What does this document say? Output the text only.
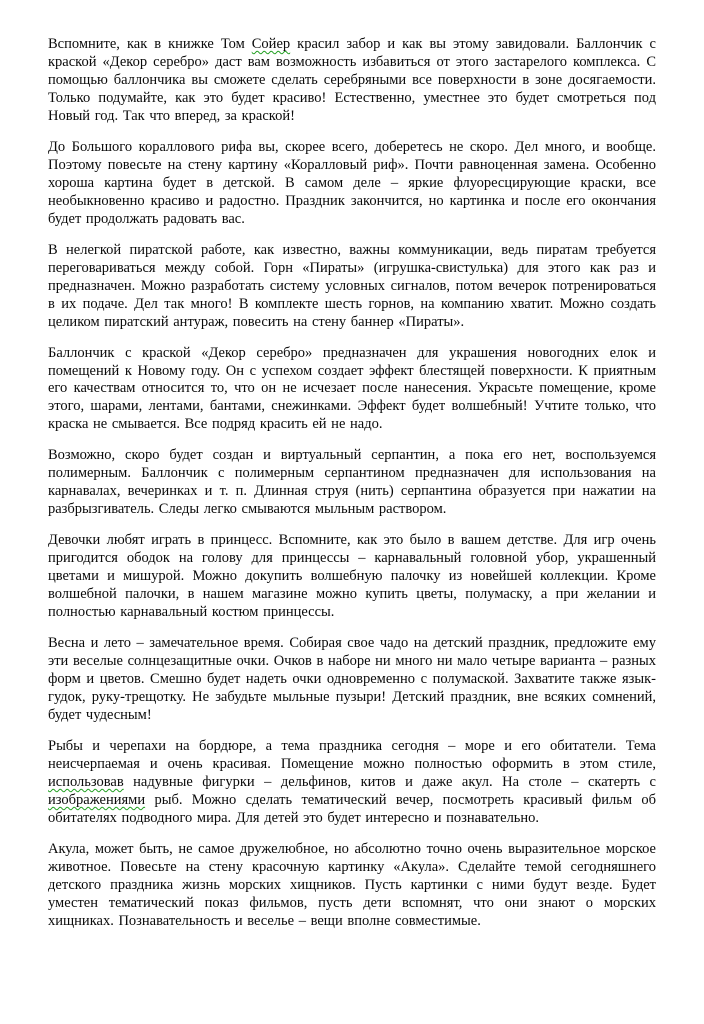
Вспомните, как в книжке Том Сойер красил забор и как вы этому завидовали. Баллончик с краской «Декор серебро» даст вам возможность избавиться от этого застарелого комплекса. С помощью баллончика вы сможете сделать серебряными все поверхности в зоне досягаемости. Только подумайте, как это будет красиво! Естественно, уместнее это будет смотреться под Новый год. Так что вперед, за краской!

До Большого кораллового рифа вы, скорее всего, доберетесь не скоро. Дел много, и вообще. Поэтому повесьте на стену картину «Коралловый риф». Почти равноценная замена. Особенно хороша картина будет в детской. В самом деле – яркие флуоресцирующие краски, все необыкновенно красиво и радостно. Праздник закончится, но картинка и после его окончания будет продолжать радовать вас.

В нелегкой пиратской работе, как известно, важны коммуникации, ведь пиратам требуется переговариваться между собой. Горн «Пираты» (игрушка-свистулька) для этого как раз и предназначен. Можно разработать систему условных сигналов, потом вечерок потренироваться в их подаче. Дел так много! В комплекте шесть горнов, на компанию хватит. Можно создать целиком пиратский антураж, повесить на стену баннер «Пираты».

Баллончик с краской «Декор серебро» предназначен для украшения новогодних елок и помещений к Новому году. Он с успехом создает эффект блестящей поверхности. К приятным его качествам относится то, что он не исчезает после нанесения. Украсьте помещение, кроме этого, шарами, лентами, бантами, снежинками. Эффект будет волшебный! Учтите только, что краска не смывается. Все подряд красить ей не надо.

Возможно, скоро будет создан и виртуальный серпантин, а пока его нет, воспользуемся полимерным. Баллончик с полимерным серпантином предназначен для использования на карнавалах, вечеринках и т. п. Длинная струя (нить) серпантина образуется при нажатии на разбрызгиватель. Следы легко смываются мыльным раствором.

Девочки любят играть в принцесс. Вспомните, как это было в вашем детстве. Для игр очень пригодится ободок на голову для принцессы – карнавальный головной убор, украшенный цветами и мишурой. Можно докупить волшебную палочку из новейшей коллекции. Кроме волшебной палочки, в нашем магазине можно купить цветы, полумаску, а при желании и полностью карнавальный костюм принцессы.

Весна и лето – замечательное время. Собирая свое чадо на детский праздник, предложите ему эти веселые солнцезащитные очки. Очков в наборе ни много ни мало четыре варианта – разных форм и цветов. Смешно будет надеть очки одновременно с полумаской. Захватите также язык-гудок, руку-трещотку. Не забудьте мыльные пузыри! Детский праздник, вне всяких сомнений, будет чудесным!

Рыбы и черепахи на бордюре, а тема праздника сегодня – море и его обитатели. Тема неисчерпаемая и очень красивая. Помещение можно полностью оформить в этом стиле, использовав надувные фигурки – дельфинов, китов и даже акул. На столе – скатерть с изображениями рыб. Можно сделать тематический вечер, посмотреть красивый фильм об обитателях подводного мира. Для детей это будет интересно и познавательно.

Акула, может быть, не самое дружелюбное, но абсолютно точно очень выразительное морское животное. Повесьте на стену красочную картинку «Акула». Сделайте темой сегодняшнего детского праздника жизнь морских хищников. Пусть картинки с ними будут везде. Будет уместен тематический показ фильмов, пусть дети вспомнят, что они знают о морских хищниках. Познавательность и веселье – вещи вполне совместимые.
